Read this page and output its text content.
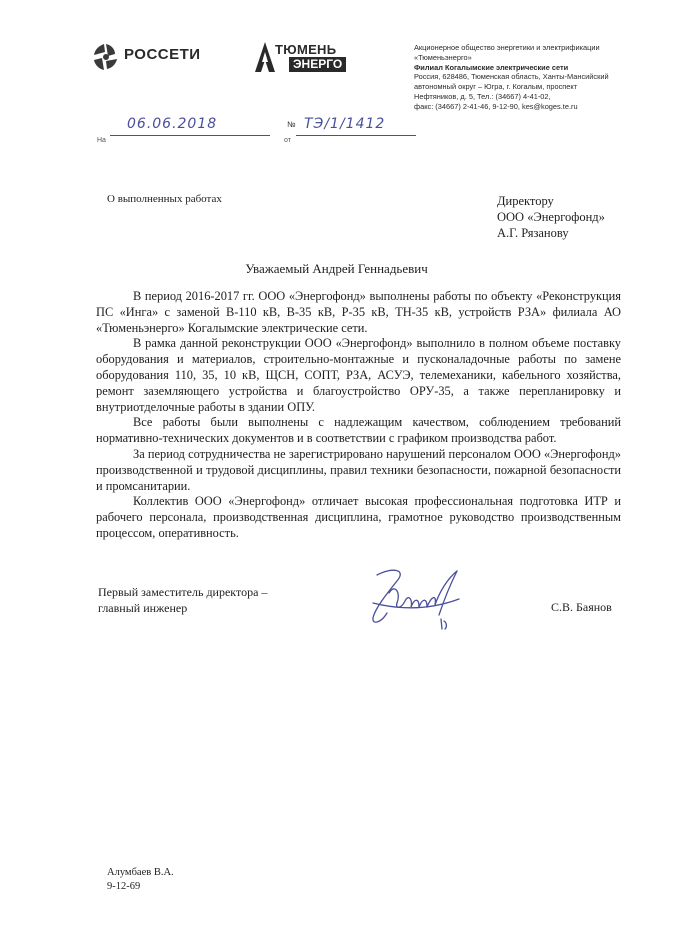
РОССЕТИ	ТЮМЕНЬ
ЭНЕРГО
Акционерное общество энергетики и электрификации
«Тюменьэнерго»
Филиал Когалымские электрические сети
Россия, 628486, Тюменская область, Ханты-Мансийский
автономный округ – Югра, г. Когалым, проспект
Нефтяников, д. 5, Тел.: (34667) 4-41-02,
факс: (34667) 2-41-46, 9-12-90, kes@koges.te.ru
06.06.2018
На
№ ТЭ/1/1412
от
О выполненных работах	Директору
ООО «Энергофонд»
А.Г. Рязанову
Уважаемый Андрей Геннадьевич

В период 2016-2017 гг. ООО «Энергофонд» выполнены работы по объекту «Реконструкция ПС «Инга» с заменой В-110 кВ, В-35 кВ, Р-35 кВ, ТН-35 кВ, устройств РЗА» филиала АО «Тюменьэнерго» Когалымские электрические сети.

В рамка данной реконструкции ООО «Энергофонд» выполнило в полном объеме поставку оборудования и материалов, строительно-монтажные и пусконаладочные работы по замене оборудования 110, 35, 10 кВ, ЩСН, СОПТ, РЗА, АСУЭ, телемеханики, кабельного хозяйства, ремонт заземляющего устройства и благоустройство ОРУ-35, а также перепланировку и внутриотделочные работы в здании ОПУ.

Все работы были выполнены с надлежащим качеством, соблюдением требований нормативно-технических документов и в соответствии с графиком производства работ.

За период сотрудничества не зарегистрировано нарушений персоналом ООО «Энергофонд» производственной и трудовой дисциплины, правил техники безопасности, пожарной безопасности и промсанитарии.

Коллектив ООО «Энергофонд» отличает высокая профессиональная подготовка ИТР и рабочего персонала, производственная дисциплина, грамотное руководство производственным процессом, оперативность.

Первый заместитель директора –
главный инженер	С.В. Баянов
Алумбаев В.А.
9-12-69
